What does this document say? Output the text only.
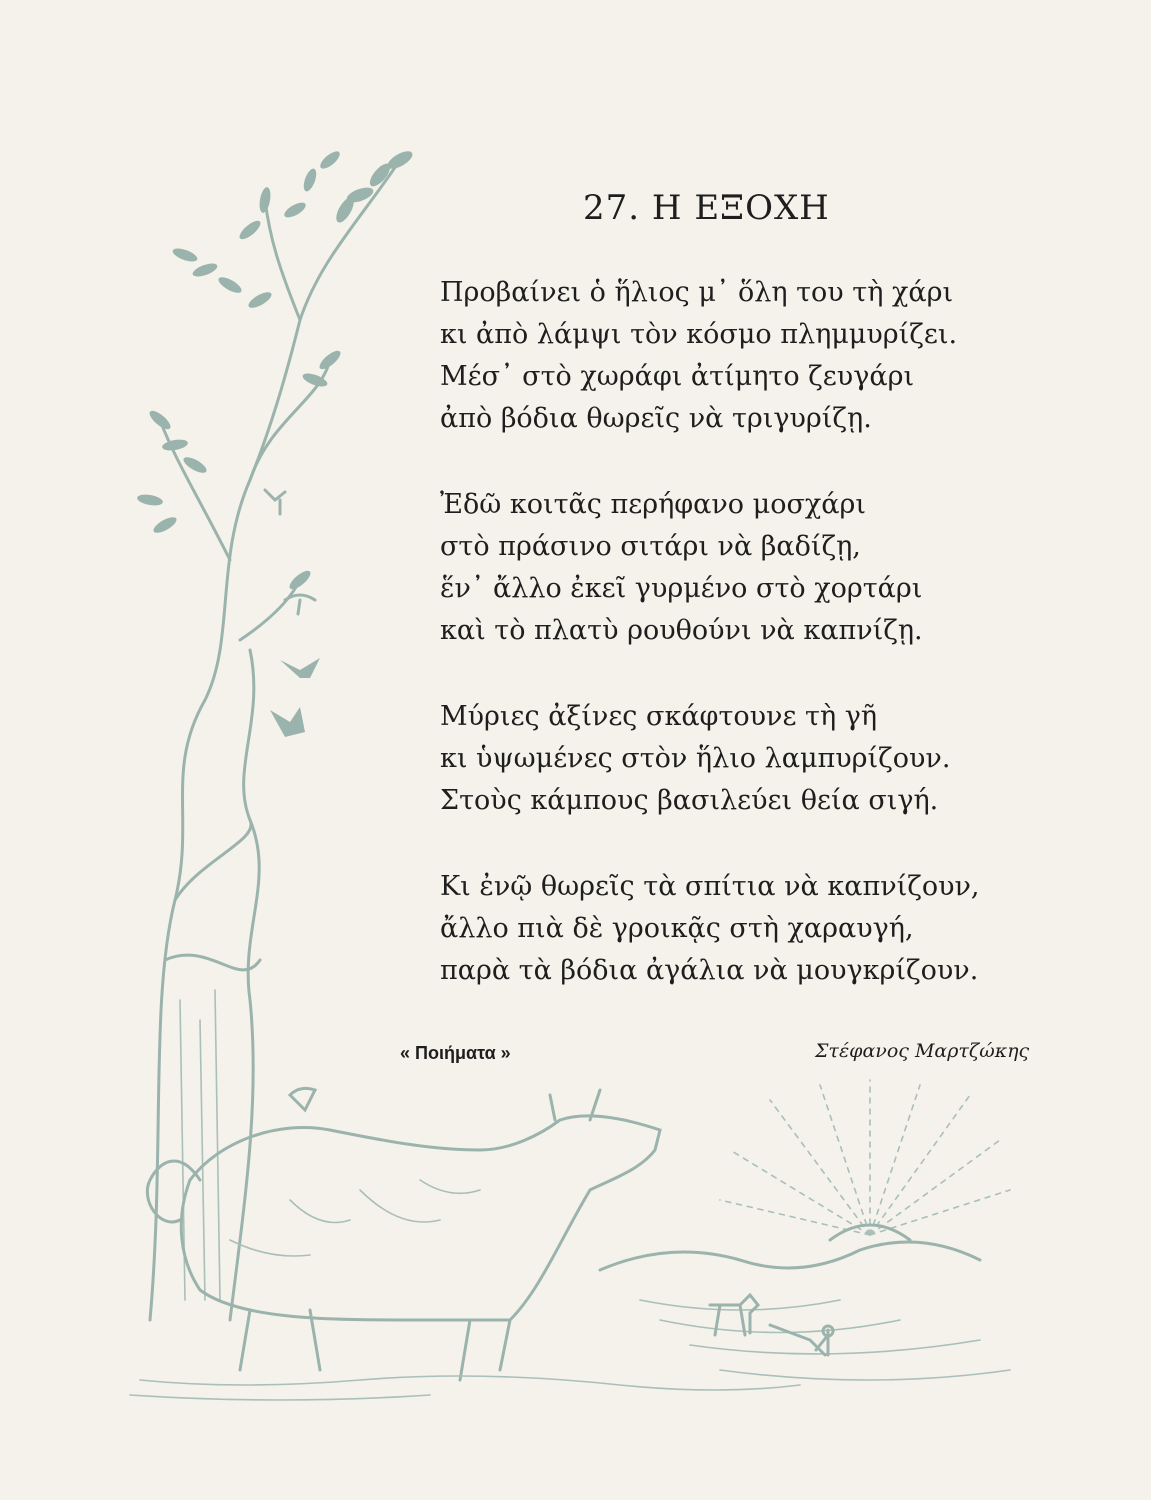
27. Η ΕΞΟΧΗ
Προβαίνει ὁ ἥλιος μ᾽ ὅλη του τὴ χάρι
κι ἀπὸ λάμψι τὸν κόσμο πλημμυρίζει.
Μέσ᾽ στὸ χωράφι ἀτίμητο ζευγάρι
ἀπὸ βόδια θωρεῖς νὰ τριγυρίζῃ.
Ἐδῶ κοιτᾶς περήφανο μοσχάρι
στὸ πράσινο σιτάρι νὰ βαδίζῃ,
ἕν᾽ ἄλλο ἐκεῖ γυρμένο στὸ χορτάρι
καὶ τὸ πλατὺ ρουθούνι νὰ καπνίζῃ.
Μύριες ἀξίνες σκάφτουνε τὴ γῆ
κι ὑψωμένες στὸν ἥλιο λαμπυρίζουν.
Στοὺς κάμπους βασιλεύει θεία σιγή.
Κι ἐνῷ θωρεῖς τὰ σπίτια νὰ καπνίζουν,
ἄλλο πιὰ δὲ γροικᾷς στὴ χαραυγή,
παρὰ τὰ βόδια ἀγάλια νὰ μουγκρίζουν.
« Ποιήματα »	Στέφανος Μαρτζώκης
